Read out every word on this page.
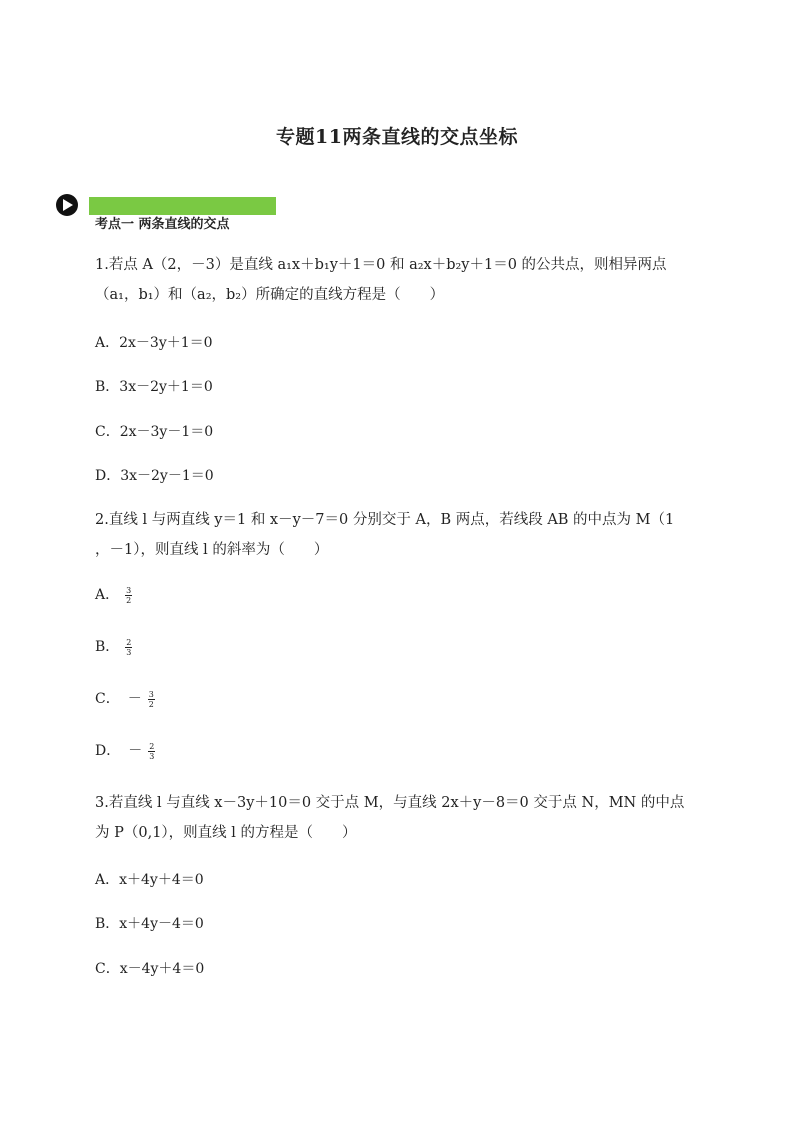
专题11两条直线的交点坐标
考点一 两条直线的交点
1.若点 A（2，－3）是直线 a₁x＋b₁y＋1＝0 和 a₂x＋b₂y＋1＝0 的公共点，则相异两点
（a₁，b₁）和（a₂，b₂）所确定的直线方程是（　　）
A．2x－3y＋1＝0
B．3x－2y＋1＝0
C．2x－3y－1＝0
D．3x－2y－1＝0
2.直线 l 与两直线 y＝1 和 x－y－7＝0 分别交于 A，B 两点，若线段 AB 的中点为 M（1
，－1），则直线 l 的斜率为（　　）
A． $\frac{3}{2}$
B． $\frac{2}{3}$
C． － $\frac{3}{2}$
D． － $\frac{2}{3}$
3.若直线 l 与直线 x－3y＋10＝0 交于点 M，与直线 2x＋y－8＝0 交于点 N，MN 的中点
为 P（0,1），则直线 l 的方程是（　　）
A．x＋4y＋4＝0
B．x＋4y－4＝0
C．x－4y＋4＝0
